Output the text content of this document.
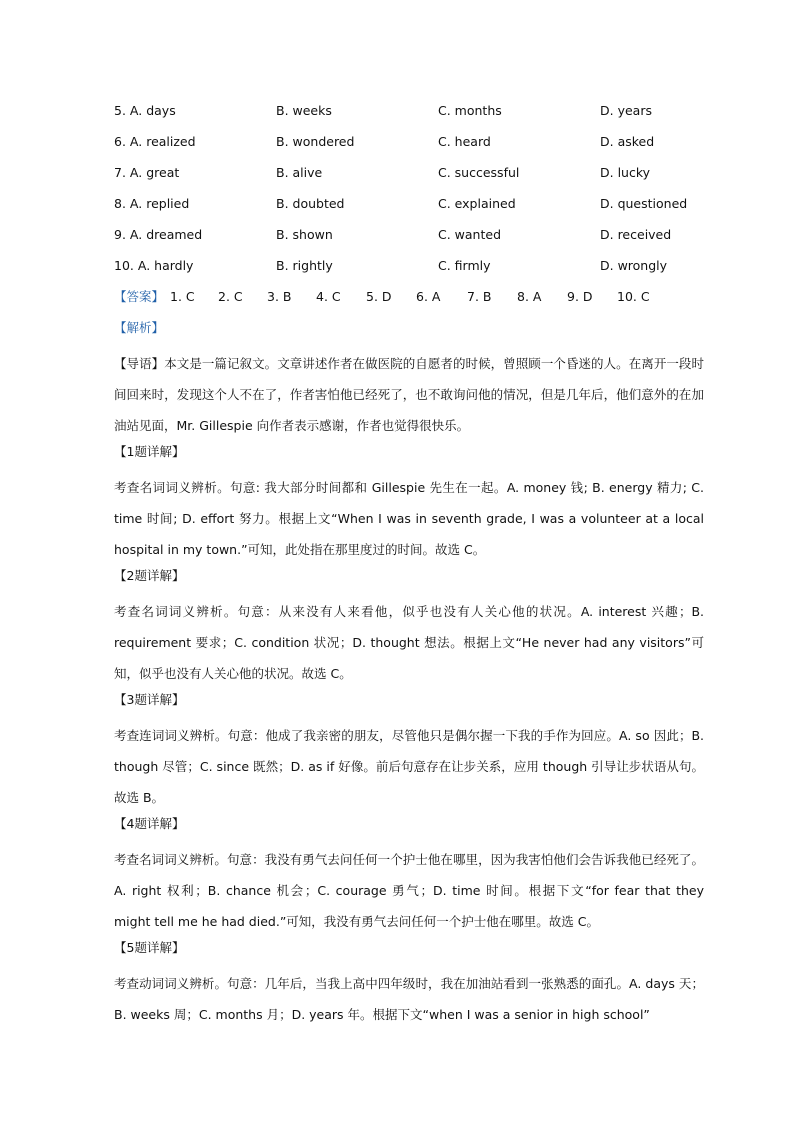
5. A. days	B. weeks	C. months	D. years
6. A. realized	B. wondered	C. heard	D. asked
7. A. great	B. alive	C. successful	D. lucky
8. A. replied	B. doubted	C. explained	D. questioned
9. A. dreamed	B. shown	C. wanted	D. received
10. A. hardly	B. rightly	C. firmly	D. wrongly
【答案】 1. C 2. C 3. B 4. C 5. D 6. A 7. B 8. A 9. D 10. C
【解析】

【导语】本文是一篇记叙文。文章讲述作者在做医院的自愿者的时候，曾照顾一个昏迷的人。在离开一段时间回来时，发现这个人不在了，作者害怕他已经死了，也不敢询问他的情况，但是几年后，他们意外的在加油站见面，Mr. Gillespie 向作者表示感谢，作者也觉得很快乐。

【1题详解】

考查名词词义辨析。句意: 我大部分时间都和 Gillespie 先生在一起。A. money 钱; B. energy 精力; C. time 时间; D. effort 努力。根据上文“When I was in seventh grade, I was a volunteer at a local hospital in my town.”可知，此处指在那里度过的时间。故选 C。

【2题详解】

考查名词词义辨析。句意：从来没有人来看他，似乎也没有人关心他的状况。A. interest 兴趣；B. requirement 要求；C. condition 状况；D. thought 想法。根据上文“He never had any visitors”可知，似乎也没有人关心他的状况。故选 C。

【3题详解】

考查连词词义辨析。句意：他成了我亲密的朋友，尽管他只是偶尔握一下我的手作为回应。A. so 因此；B. though 尽管；C. since 既然；D. as if 好像。前后句意存在让步关系，应用 though 引导让步状语从句。故选 B。

【4题详解】

考查名词词义辨析。句意：我没有勇气去问任何一个护士他在哪里，因为我害怕他们会告诉我他已经死了。A. right 权利；B. chance 机会；C. courage 勇气；D. time 时间。根据下文“for fear that they might tell me he had died.”可知，我没有勇气去问任何一个护士他在哪里。故选 C。

【5题详解】

考查动词词义辨析。句意：几年后，当我上高中四年级时，我在加油站看到一张熟悉的面孔。A. days 天；B. weeks 周；C. months 月；D. years 年。根据下文“when I was a senior in high school”
